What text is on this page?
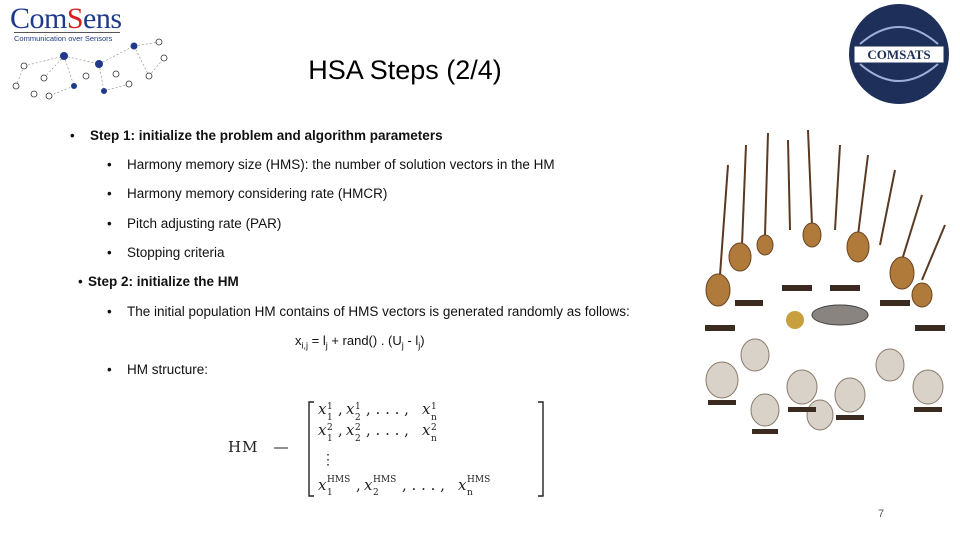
ComSens
Communication over Sensors
COMSATS
HSA Steps (2/4)
• Step 1: initialize the problem and algorithm parameters
• Harmony memory size (HMS): the number of solution vectors in the HM
• Harmony memory considering rate (HMCR)
• Pitch adjusting rate (PAR)
• Stopping criteria
• Step 2: initialize the HM
• The initial population HM contains of HMS vectors is generated randomly as follows:
$x_{i,j} = l_j$ + rand() . $(U_j - l_j)$
• HM structure:
HM
x 1
1 , x 1
2 , . . . , x 1
n
x 2
1 , x 2
2 , . . . , x 2
n
⋮
x HMS
1 , x HMS
2 , . . . , x HMS
n
7
